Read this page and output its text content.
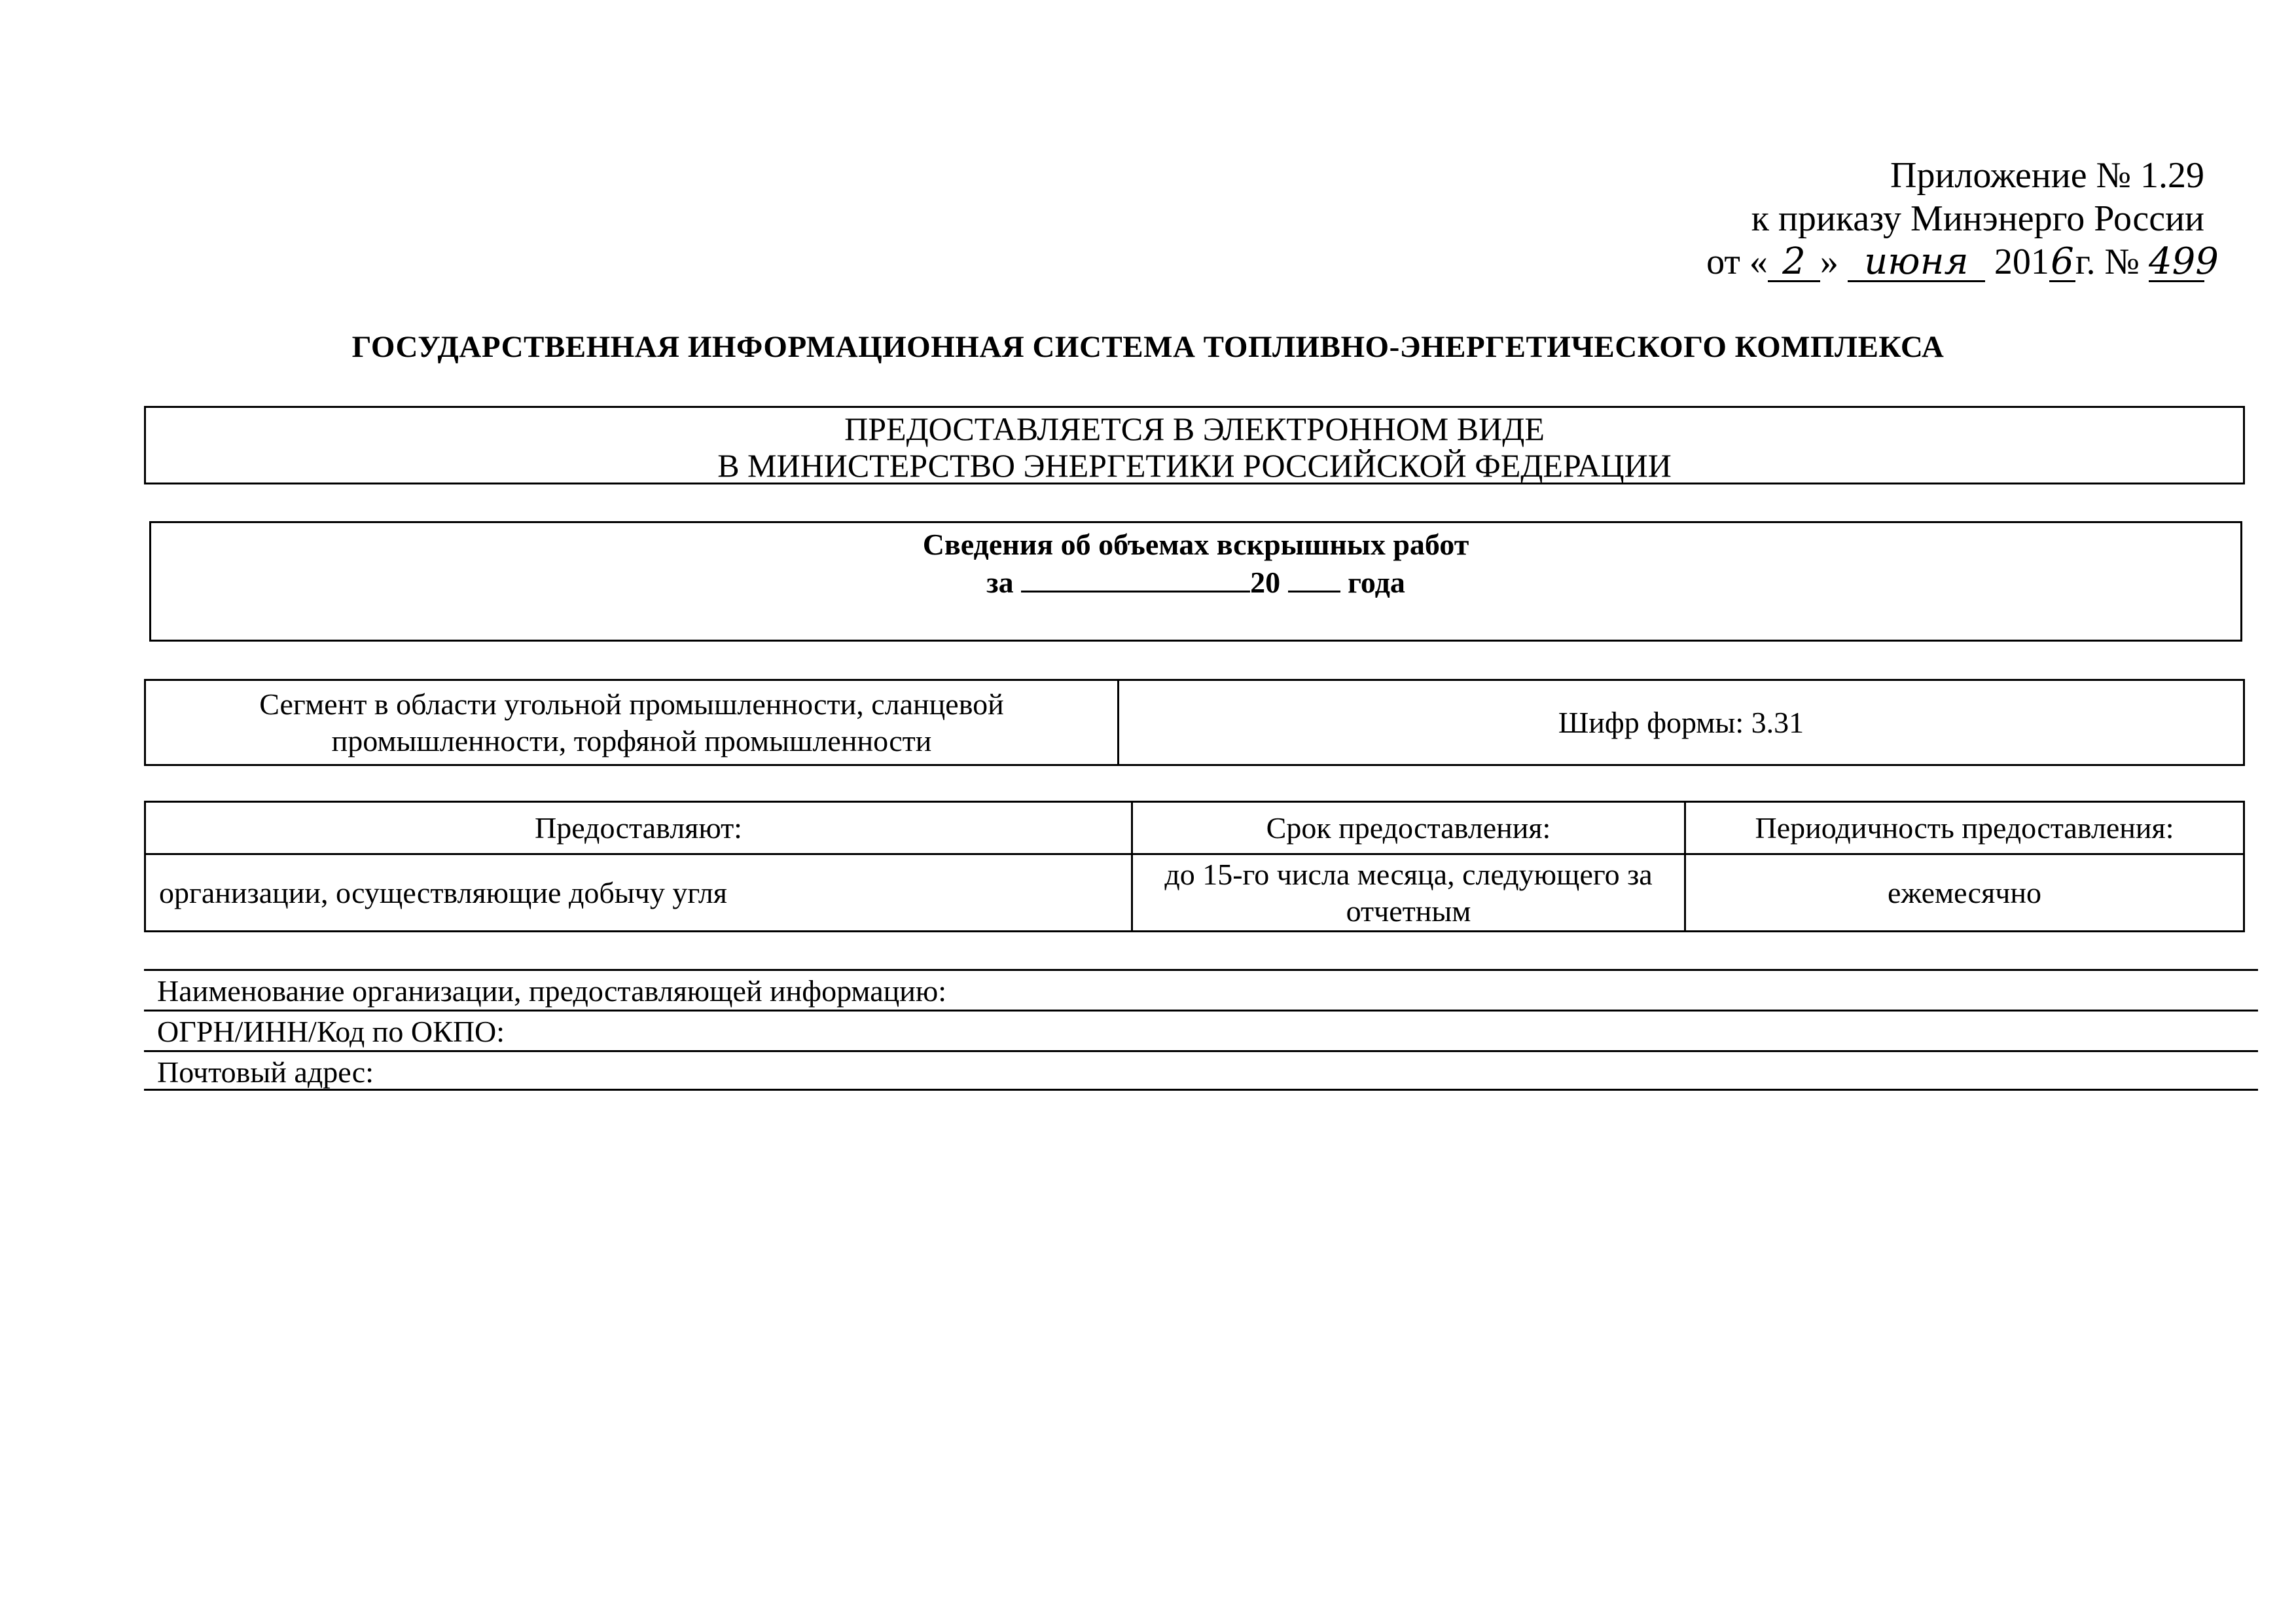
Приложение № 1.29
к приказу Минэнерго России
от « 2 » июня 2016г. № 499
ГОСУДАРСТВЕННАЯ ИНФОРМАЦИОННАЯ СИСТЕМА ТОПЛИВНО-ЭНЕРГЕТИЧЕСКОГО КОМПЛЕКСА
ПРЕДОСТАВЛЯЕТСЯ В ЭЛЕКТРОННОМ ВИДЕ
В МИНИСТЕРСТВО ЭНЕРГЕТИКИ РОССИЙСКОЙ ФЕДЕРАЦИИ
Сведения об объемах вскрышных работ
за	20 года
Сегмент в области угольной промышленности, сланцевой промышленности, торфяной промышленности	Шифр формы: 3.31
Предоставляют:	Срок предоставления:	Периодичность предоставления:
организации, осуществляющие добычу угля	до 15-го числа месяца, следующего за отчетным	ежемесячно
Наименование организации, предоставляющей информацию:
ОГРН/ИНН/Код по ОКПО:
Почтовый адрес:
